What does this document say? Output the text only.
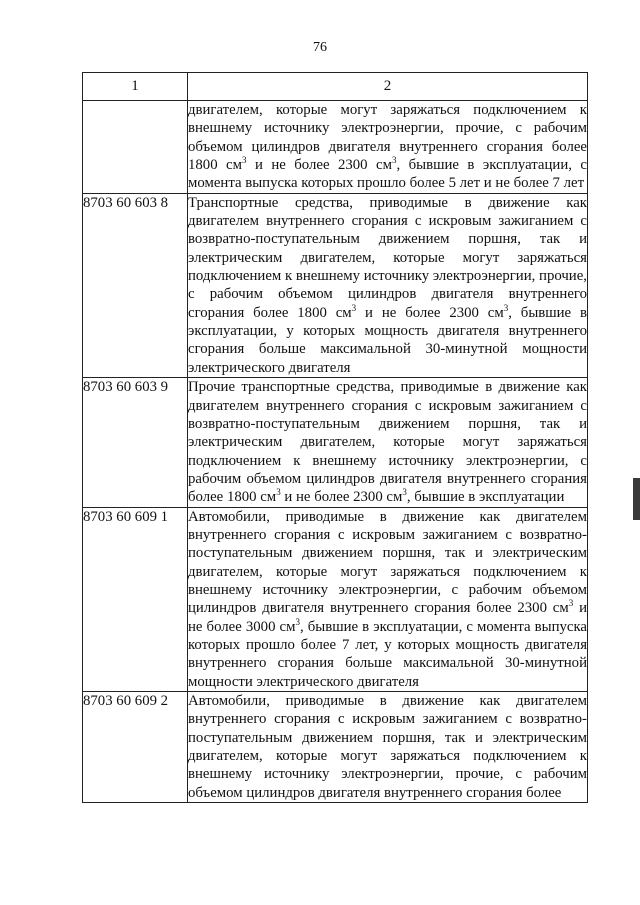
76
1	2

	двигателем, которые могут заряжаться подключением к внешнему источнику электроэнергии, прочие, с рабочим объемом цилиндров двигателя внутреннего сгорания более 1800 $см^3$ и не более 2300 $см^3$, бывшие в эксплуатации, с момента выпуска которых прошло более 5 лет и не более 7 лет

8703 60 603 8	Транспортные средства, приводимые в движение как двигателем внутреннего сгорания с искровым зажиганием с возвратно-поступательным движением поршня, так и электрическим двигателем, которые могут заряжаться подключением к внешнему источнику электроэнергии, прочие, с рабочим объемом цилиндров двигателя внутреннего сгорания более 1800 $см^3$ и не более 2300 $см^3$, бывшие в эксплуатации, у которых мощность двигателя внутреннего сгорания больше максимальной 30-минутной мощности электрического двигателя

8703 60 603 9	Прочие транспортные средства, приводимые в движение как двигателем внутреннего сгорания с искровым зажиганием с возвратно-поступательным движением поршня, так и электрическим двигателем, которые могут заряжаться подключением к внешнему источнику электроэнергии, с рабочим объемом цилиндров двигателя внутреннего сгорания более 1800 $см^3$ и не более 2300 $см^3$, бывшие в эксплуатации

8703 60 609 1	Автомобили, приводимые в движение как двигателем внутреннего сгорания с искровым зажиганием с возвратно-поступательным движением поршня, так и электрическим двигателем, которые могут заряжаться подключением к внешнему источнику электроэнергии, с рабочим объемом цилиндров двигателя внутреннего сгорания более 2300 $см^3$ и не более 3000 $см^3$, бывшие в эксплуатации, с момента выпуска которых прошло более 7 лет, у которых мощность двигателя внутреннего сгорания больше максимальной 30-минутной мощности электрического двигателя

8703 60 609 2	Автомобили, приводимые в движение как двигателем внутреннего сгорания с искровым зажиганием с возвратно-поступательным движением поршня, так и электрическим двигателем, которые могут заряжаться подключением к внешнему источнику электроэнергии, прочие, с рабочим объемом цилиндров двигателя внутреннего сгорания более
